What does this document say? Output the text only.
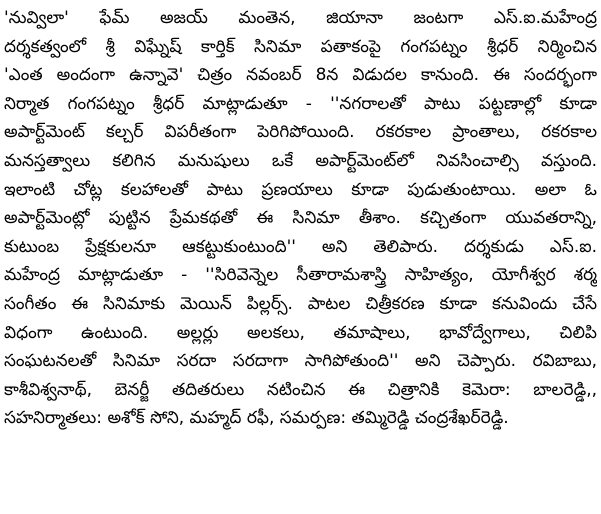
'నువ్విలా' ఫేమ్ అజయ్ మంతెన, జియానా జంటగా ఎస్.ఐ.మహేంద్ర
దర్శకత్వంలో శ్రీ విఘ్నేష్ కార్తిక్ సినిమా పతాకంపై గంగపట్నం శ్రీధర్ నిర్మించిన
'ఎంత అందంగా ఉన్నావె' చిత్రం నవంబర్ 8న విడుదల కానుంది. ఈ సందర్భంగా
నిర్మాత గంగపట్నం శ్రీధర్ మాట్లాడుతూ - ''నగరాలతో పాటు పట్టణాల్లో కూడా
అపార్ట్‌మెంట్ కల్చర్ విపరీతంగా పెరిగిపోయింది. రకరకాల ప్రాంతాలు, రకరకాల
మనస్తత్వాలు కలిగిన మనుషులు ఒకే అపార్ట్‌మెంట్‌లో నివసించాల్సి వస్తుంది.
ఇలాంటి చోట్ల కలహాలతో పాటు ప్రణయాలు కూడా పుడుతుంటాయి. అలా ఓ
అపార్ట్‌మెంట్లో పుట్టిన ప్రేమకథతో ఈ సినిమా తీశాం. కచ్చితంగా యువతరాన్ని,
కుటుంబ ప్రేక్షకులనూ ఆకట్టుకుంటుంది'' అని తెలిపారు. దర్శకుడు ఎస్.ఐ.
మహేంద్ర మాట్లాడుతూ - ''సిరివెన్నెల సీతారామశాస్త్రి సాహిత్యం, యోగీశ్వర శర్మ
సంగీతం ఈ సినిమాకు మెయిన్ పిల్లర్స్. పాటల చిత్రీకరణ కూడా కనువిందు చేసే
విధంగా ఉంటుంది. అల్లర్లు అలకలు, తమాషాలు, భావోద్వేగాలు, చిలిపి
సంఘటనలతో సినిమా సరదా సరదాగా సాగిపోతుంది'' అని చెప్పారు. రవిబాబు,
కాశీవిశ్వనాథ్, బెనర్జీ తదితరులు నటించిన ఈ చిత్రానికి కెమెరా: బాలరెడ్డి,,
సహనిర్మాతలు: అశోక్ సోని, మహ్మద్ రఫీ, సమర్పణ: తమ్మిరెడ్డి చంద్రశేఖర్‌రెడ్డి.
